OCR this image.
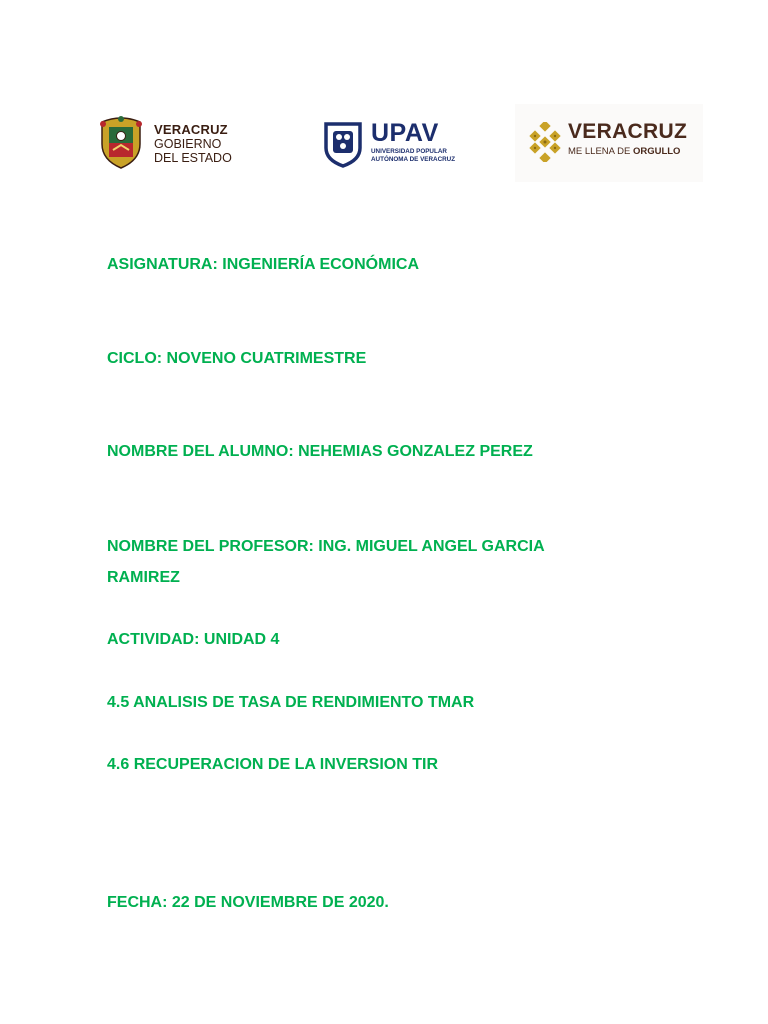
VERACRUZ
GOBIERNO
DEL ESTADO
UPAV
UNIVERSIDAD POPULAR
AUTÓNOMA DE VERACRUZ
VERACRUZ
ME LLENA DE ORGULLO

ASIGNATURA: INGENIERÍA ECONÓMICA

CICLO: NOVENO CUATRIMESTRE

NOMBRE DEL ALUMNO: NEHEMIAS GONZALEZ PEREZ

NOMBRE DEL PROFESOR: ING. MIGUEL ANGEL GARCIA

RAMIREZ

ACTIVIDAD: UNIDAD 4

4.5 ANALISIS DE TASA DE RENDIMIENTO TMAR

4.6 RECUPERACION DE LA INVERSION TIR

FECHA: 22 DE NOVIEMBRE DE 2020.
